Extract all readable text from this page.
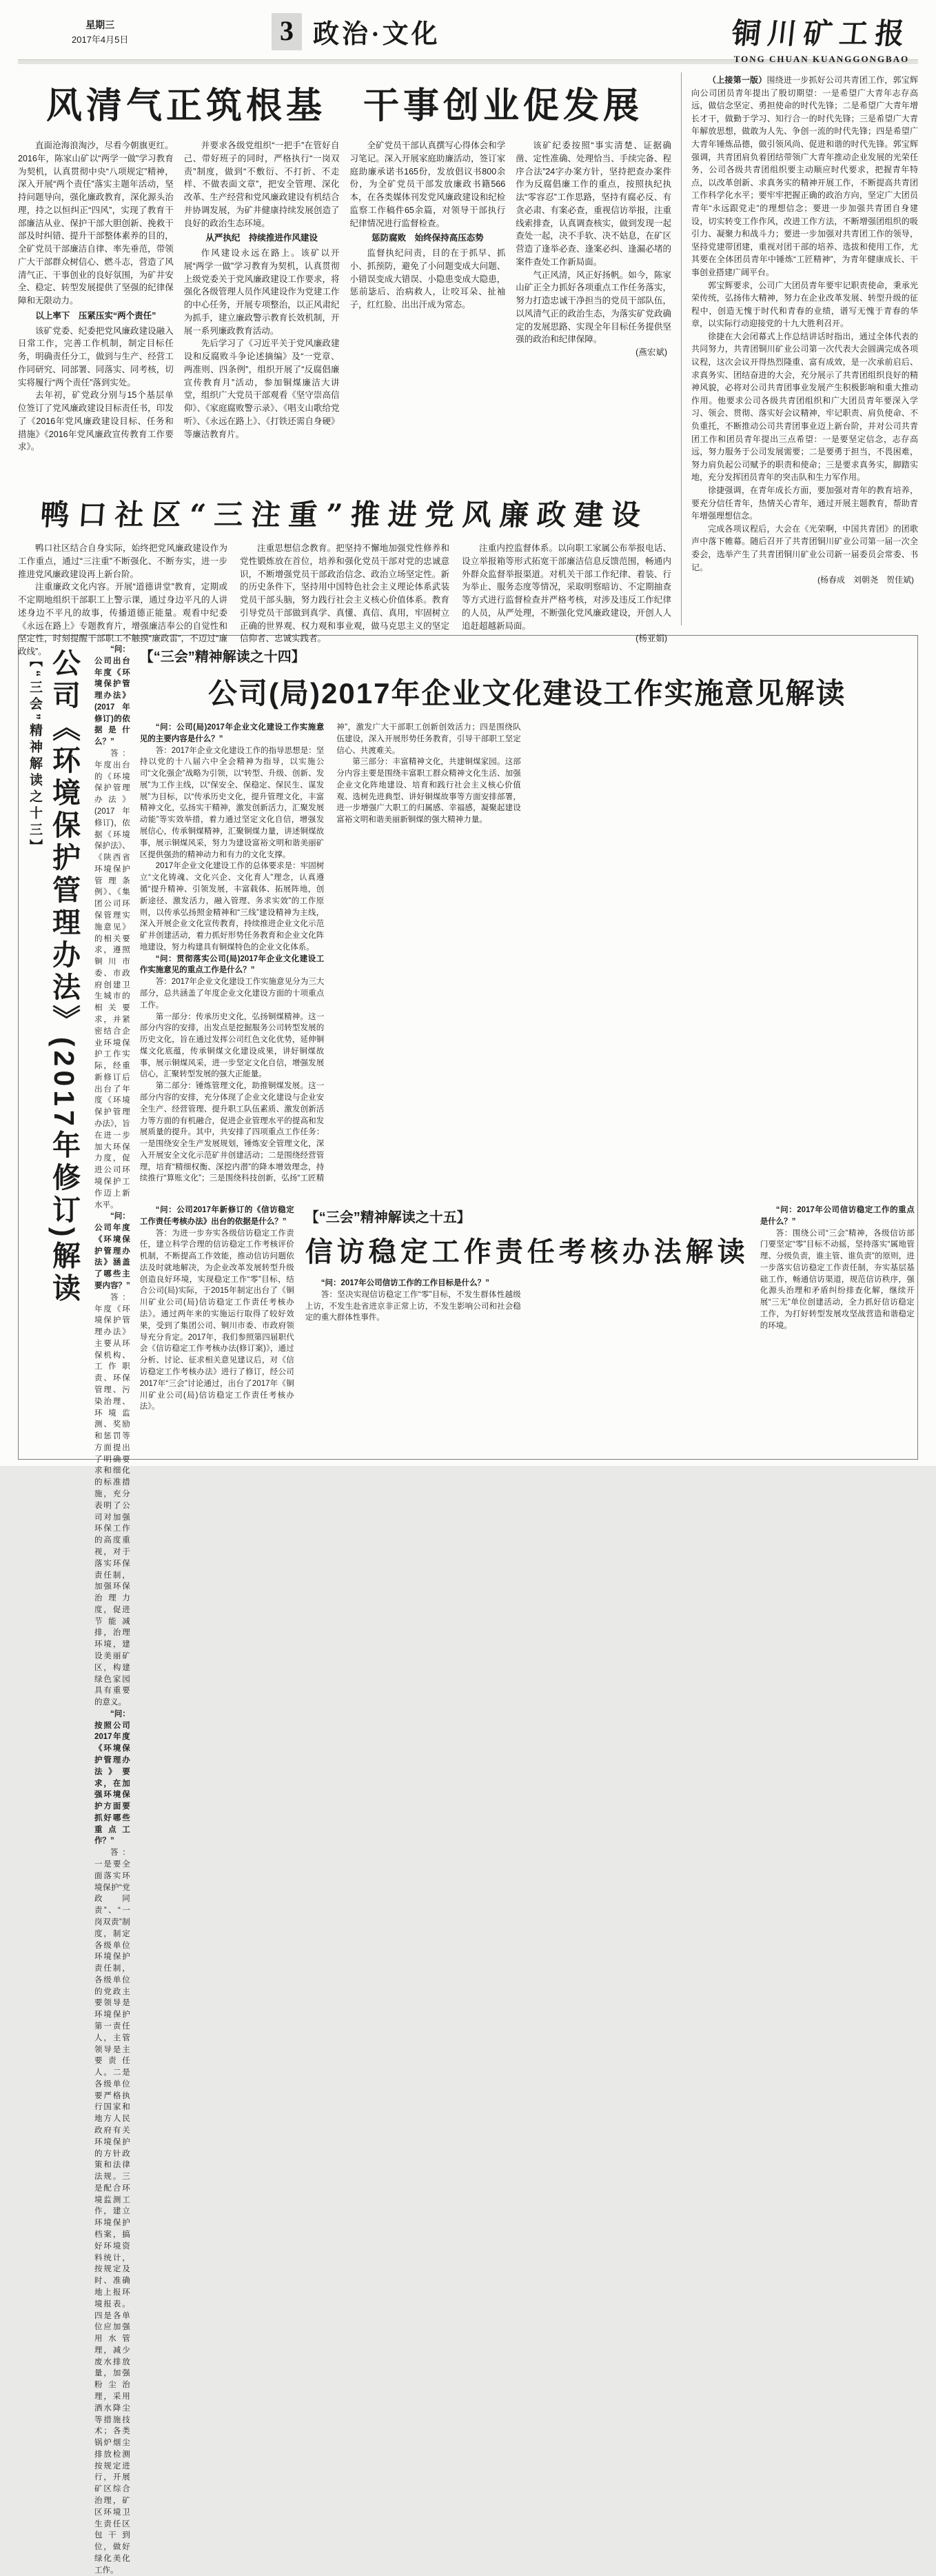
星期三
2017年4月5日	3 政治·文化	铜川矿工报
TONG CHUAN KUANGGONGBAO
风清气正筑根基 干事创业促发展

直面沧海浪淘沙，尽看今朝旗更红。2016年，陈家山矿以“两学一做”学习教育为契机，认真贯彻中央“八项规定”精神，深入开展“两个责任”落实主题年活动，坚持问题导向，强化廉政教育，深化源头治理，持之以恒纠正“四风”，实现了教育干部廉洁从业、保护干部大胆创新、挽救干部及时纠错、提升干部整体素养的目的，全矿党员干部廉洁自律、率先垂范，带领广大干部群众树信心、燃斗志，营造了风清气正、干事创业的良好氛围，为矿井安全、稳定、转型发展提供了坚强的纪律保障和无限动力。

以上率下　压紧压实“两个责任”

该矿党委、纪委把党风廉政建设融入日常工作，完善工作机制，制定目标任务，明确责任分工，做到与生产、经营工作同研究、同部署、同落实、同考核，切实将履行“两个责任”落到实处。

去年初，矿党政分别与15个基层单位签订了党风廉政建设目标责任书，印发了《2016年党风廉政建设目标、任务和措施》《2016年党风廉政宣传教育工作要求》。

并要求各级党组织“一把手”在管好自己、带好班子的同时，严格执行“一岗双责”制度，做到“不敷衍、不打折、不走样、不做表面文章”，把安全管理、深化改革、生产经营和党风廉政建设有机结合并协调发展，为矿井健康持续发展创造了良好的政治生态环境。

从严执纪　持续推进作风建设

作风建设永远在路上。该矿以开展“两学一做”学习教育为契机，认真贯彻上级党委关于党风廉政建设工作要求，将强化各级管理人员作风建设作为党建工作的中心任务，开展专项整治，以正风肃纪为抓手，建立廉政警示教育长效机制，开展一系列廉政教育活动。

先后学习了《习近平关于党风廉政建设和反腐败斗争论述摘编》及“一党章、两准则、四条例”，组织开展了“反腐倡廉宣传教育月”活动，参加铜煤廉洁大讲堂，组织广大党员干部观看《坚守崇高信仰》、《家庭腐败警示录》、《唱支山歌给党听》、《永远在路上》、《打铁还需自身硬》等廉洁教育片。

全矿党员干部认真撰写心得体会和学习笔记。深入开展家庭助廉活动，签订家庭助廉承诺书165份，发放倡议书800余份，为全矿党员干部发放廉政书籍566本，在各类媒体刊发党风廉政建设和纪检监察工作稿件65余篇，对领导干部执行纪律情况进行监督检查。

惩防腐败　始终保持高压态势

监督执纪问责，目的在于抓早、抓小、抓预防，避免了小问题变成大问题、小错误变成大错误、小隐患变成大隐患，惩前毖后、治病救人，让咬耳朵、扯袖子，红红脸、出出汗成为常态。

该矿纪委按照“事实清楚、证据确凿、定性准确、处理恰当、手续完备、程序合法”24字办案方针，坚持把查办案件作为反腐倡廉工作的重点，按照执纪执法“零容忍”工作思路，坚持有腐必反、有贪必肃、有案必查，重视信访举报，注重线索排查，认真调查核实，做到发现一起查处一起，决不手软、决不姑息，在矿区营造了逢举必查、逢案必纠、逢漏必堵的案件查处工作新局面。

气正风清，风正好扬帆。如今，陈家山矿正全力抓好各项重点工作任务落实，努力打造忠诚干净担当的党员干部队伍，以风清气正的政治生态，为落实矿党政确定的发展思路、实现全年目标任务提供坚强的政治和纪律保障。

(燕宏斌)

鸭口社区“三注重”推进党风廉政建设

鸭口社区结合自身实际，始终把党风廉政建设作为工作重点，通过“三注重”不断强化、不断夯实，进一步推进党风廉政建设再上新台阶。

注重廉政文化内容。开展“道德讲堂”教育，定期或不定期地组织干部职工上警示课，通过身边平凡的人讲述身边不平凡的故事，传播道德正能量。观看中纪委《永远在路上》专题教育片，增强廉洁奉公的自觉性和坚定性，时刻提醒干部职工不触摸“廉政雷”，不迈过“廉政线”。

注重思想信念教育。把坚持不懈地加强党性修养和党性锻炼放在首位，培养和强化党员干部对党的忠诚意识，不断增强党员干部政治信念、政治立场坚定性。新的历史条件下，坚持用中国特色社会主义理论体系武装党员干部头脑，努力践行社会主义核心价值体系。教育引导党员干部做到真学、真懂、真信、真用，牢固树立正确的世界观、权力观和事业观，做马克思主义的坚定信仰者、忠诚实践者。

注重内控监督体系。以向职工家属公布举报电话、设立举报箱等形式拓宽干部廉洁信息反馈范围，畅通内外群众监督举报渠道。对机关干部工作纪律、着装、行为举止、服务态度等情况，采取明察暗访、不定期抽查等方式进行监督检查并严格考核，对涉及违反工作纪律的人员，从严处理，不断强化党风廉政建设，开创人人追赶超越新局面。

(杨亚娟)

（上接第一版）围绕进一步抓好公司共青团工作，郭宝辉向公司团员青年提出了殷切期望：一是希望广大青年志存高远，做信念坚定、勇担使命的时代先锋；二是希望广大青年增长才干，做勤于学习、知行合一的时代先锋；三是希望广大青年解放思想，做敢为人先、争创一流的时代先锋；四是希望广大青年锤炼品德，做引领风尚、促进和谐的时代先锋。郭宝辉强调，共青团肩负着团结带领广大青年推动企业发展的光荣任务，公司各级共青团组织要主动顺应时代要求，把握青年特点，以改革创新、求真务实的精神开展工作，不断提高共青团工作科学化水平；要牢牢把握正确的政治方向，坚定广大团员青年“永远跟党走”的理想信念；要进一步加强共青团自身建设，切实转变工作作风，改进工作方法，不断增强团组织的吸引力、凝聚力和战斗力；要进一步加强对共青团工作的领导，坚持党建带团建，重视对团干部的培养、选拔和使用工作，尤其要在全体团员青年中锤炼“工匠精神”，为青年健康成长、干事创业搭建广阔平台。

郭宝辉要求，公司广大团员青年要牢记职责使命，秉承光荣传统，弘扬伟大精神，努力在企业改革发展、转型升级的征程中，创造无愧于时代和青春的业绩，谱写无愧于青春的华章，以实际行动迎接党的十九大胜利召开。

徐捷在大会闭幕式上作总结讲话时指出，通过全体代表的共同努力，共青团铜川矿业公司第一次代表大会圆满完成各项议程，这次会议开得热烈隆重、富有成效，是一次承前启后、求真务实、团结奋进的大会，充分展示了共青团组织良好的精神风貌，必将对公司共青团事业发展产生积极影响和重大推动作用。他要求公司各级共青团组织和广大团员青年要深入学习、领会、贯彻、落实好会议精神，牢记职责、肩负使命、不负重托，不断推动公司共青团事业迈上新台阶，并对公司共青团工作和团员青年提出三点希望：一是要坚定信念，志存高远，努力服务于公司发展需要；二是要勇于担当，不畏困难，努力肩负起公司赋予的职责和使命；三是要求真务实，脚踏实地，充分发挥团员青年的突击队和生力军作用。

徐捷强调，在青年成长方面，要加强对青年的教育培养，要充分信任青年，热情关心青年，通过开展主题教育，帮助青年增强理想信念。

完成各项议程后，大会在《光荣啊，中国共青团》的团歌声中落下帷幕。随后召开了共青团铜川矿业公司第一届一次全委会，选举产生了共青团铜川矿业公司新一届委员会常委、书记。

(杨春成　刘朝尧　贺佳斌)

【“三会”精神解读之十三】 公司《环境保护管理办法》(2017年修订)解读	问：公司出台年度《环境保护管理办法》(2017年修订)的依据是什么？

答：年度出台的《环境保护管理办法》(2017年修订)，依据《环境保护法》、《陕西省环境保护管理条例》、《集团公司环保管理实施意见》的相关要求，遵照铜川市委、市政府创建卫生城市的相关要求，并紧密结合企业环境保护工作实际，经重新修订后出台了年度《环境保护管理办法》，旨在进一步加大环保力度，促进公司环境保护工作迈上新水平。

问：公司年度《环境保护管理办法》涵盖了哪些主要内容？

答：年度《环境保护管理办法》主要从环保机构、工作职责、环保管理、污染治理、环境监测、奖励和惩罚等方面提出了明确要求和细化的标准措施，充分表明了公司对加强环保工作的高度重视，对于落实环保责任制，加强环保治理力度，促进节能减排，治理环境，建设美丽矿区，构建绿色家园具有重要的意义。

问：按照公司2017年度《环境保护管理办法》要求，在加强环境保护方面要抓好哪些重点工作？

答：一是要全面落实环境保护“党政同责”、“一岗双责”制度，制定各级单位环境保护责任制，各级单位的党政主要领导是环境保护第一责任人，主管领导是主要责任人。二是各级单位要严格执行国家和地方人民政府有关环境保护的方针政策和法律法规。三是配合环境监测工作，建立环境保护档案，搞好环境资料统计，按规定及时、准确地上报环境报表。四是各单位应加强用水管理，减少废水排放量，加强粉尘治理，采用洒水降尘等措施技术；各类锅炉烟尘排放检测按规定进行，开展矿区综合治理，矿区环境卫生责任区包干到位，做好绿化美化工作。

【“三会”精神解读之十四】
公司(局)2017年企业文化建设工作实施意见解读
问：公司(局)2017年企业文化建设工作实施意见的主要内容是什么？

答：2017年企业文化建设工作的指导思想是：坚持以党的十八届六中全会精神为指导，以实施公司“文化强企”战略为引领，以“转型、升级、创新、发展”为工作主线，以“保安全、保稳定、保民生、谋发展”为目标，以“传承历史文化，提升管理文化，丰富精神文化，弘扬实干精神，激发创新活力，汇聚发展动能”等实效举措，着力通过坚定文化自信，增强发展信心，传承铜煤精神，汇聚铜煤力量，讲述铜煤故事，展示铜煤风采，努力为建设富裕文明和谐美丽矿区提供强劲的精神动力和有力的文化支撑。

2017年企业文化建设工作的总体要求是：牢固树立“文化铸魂、文化兴企、文化育人”理念，认真遵循“提升精神、引领发展，丰富载体、拓展阵地，创新途径、激发活力，融入管理、务求实效”的工作原则，以传承弘扬照金精神和“三线”建设精神为主线，深入开展企业文化宣传教育，持续推进企业文化示范矿井创建活动，着力抓好形势任务教育和企业文化阵地建设，努力构建具有铜煤特色的企业文化体系。

问：贯彻落实公司(局)2017年企业文化建设工作实施意见的重点工作是什么？

答：2017年企业文化建设工作实施意见分为三大部分，总共涵盖了年度企业文化建设方面的十项重点工作。

第一部分：传承历史文化，弘扬铜煤精神。这一部分内容的安排，出发点是挖掘服务公司转型发展的历史文化，旨在通过发挥公司红色文化优势，延伸铜煤文化底蕴，传承铜煤文化建设成果，讲好铜煤故事，展示铜煤风采，进一步坚定文化自信，增强发展信心，汇聚转型发展的强大正能量。

第二部分：锤炼管理文化，助推铜煤发展。这一部分内容的安排，充分体现了企业文化建设与企业安全生产、经营管理、提升职工队伍素质、激发创新活力等方面的有机融合，促进企业管理水平的提高和发展质量的提升。其中，共安排了四项重点工作任务：一是围绕安全生产发展规划，锤炼安全管理文化，深入开展安全文化示范矿井创建活动；二是围绕经营管理，培育“精细权衡、深挖内潜”的降本增效理念，持续推行“算账文化”；三是围绕科技创新，弘扬“工匠精神”，激发广大干部职工创新创效活力；四是围绕队伍建设，深入开展形势任务教育，引导干部职工坚定信心、共渡难关。

第三部分：丰富精神文化，共建铜煤家园。这部分内容主要是围绕丰富职工群众精神文化生活、加强企业文化阵地建设、培育和践行社会主义核心价值观、选树先进典型、讲好铜煤故事等方面安排部署，进一步增强广大职工的归属感、幸福感，凝聚起建设富裕文明和谐美丽新铜煤的强大精神力量。

问：公司2017年新修订的《信访稳定工作责任考核办法》出台的依据是什么？

答：为进一步夯实各级信访稳定工作责任，建立科学合理的信访稳定工作考核评价机制，不断提高工作效能，推动信访问题依法及时就地解决，为企业改革发展转型升级创造良好环境，实现稳定工作“零”目标，结合公司(局)实际，于2015年制定出台了《铜川矿业公司(局)信访稳定工作责任考核办法》。通过两年来的实施运行取得了较好效果，受到了集团公司、铜川市委、市政府领导充分肯定。2017年，我们参照第四届职代会《信访稳定工作考核办法(修订案)》，通过分析、讨论、征求相关意见建议后，对《信访稳定工作考核办法》进行了修订，经公司2017年“三会”讨论通过，出台了2017年《铜川矿业公司(局)信访稳定工作责任考核办法》。

【“三会”精神解读之十五】
信访稳定工作责任考核办法解读
问：2017年公司信访工作的工作目标是什么？

答：坚决实现信访稳定工作“零”目标，不发生群体性越级上访，不发生赴省进京非正常上访，不发生影响公司和社会稳定的重大群体性事件。

问：2017年公司信访稳定工作的重点是什么？

答：围绕公司“三会”精神，各级信访部门要坚定“零”目标不动摇，坚持落实“属地管理、分级负责，谁主管、谁负责”的原则，进一步落实信访稳定工作责任制，夯实基层基础工作，畅通信访渠道，规范信访秩序，强化源头治理和矛盾纠纷排查化解，继续开展“三无”单位创建活动，全力抓好信访稳定工作，为打好转型发展攻坚战营造和谐稳定的环境。
